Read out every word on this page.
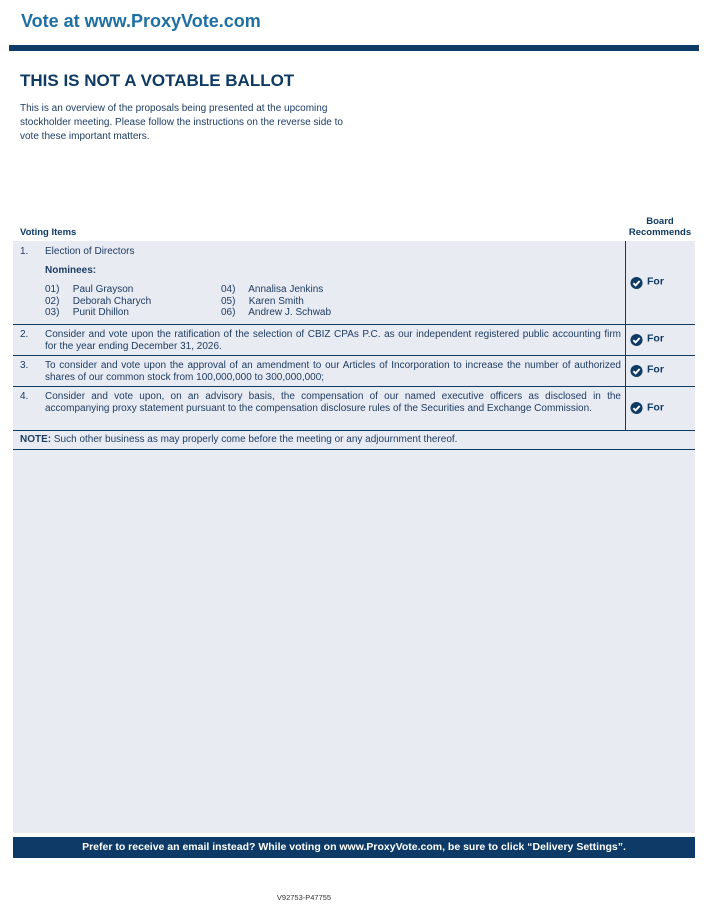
Vote at www.ProxyVote.com
THIS IS NOT A VOTABLE BALLOT

This is an overview of the proposals being presented at the upcoming stockholder meeting. Please follow the instructions on the reverse side to vote these important matters.

Voting Items
Board
Recommends
1. Election of Directors
Nominees:
01) Paul Grayson	04) Annalisa Jenkins
02) Deborah Charych	05) Karen Smith
03) Punit Dhillon	06) Andrew J. Schwab
For
2. Consider and vote upon the ratification of the selection of CBIZ CPAs P.C. as our independent registered public accounting firm for the year ending December 31, 2026.
For
3. To consider and vote upon the approval of an amendment to our Articles of Incorporation to increase the number of authorized shares of our common stock from 100,000,000 to 300,000,000;
For
4. Consider and vote upon, on an advisory basis, the compensation of our named executive officers as disclosed in the accompanying proxy statement pursuant to the compensation disclosure rules of the Securities and Exchange Commission.	For
NOTE: Such other business as may properly come before the meeting or any adjournment thereof.
Prefer to receive an email instead? While voting on www.ProxyVote.com, be sure to click “Delivery Settings”.
V92753-P47755
